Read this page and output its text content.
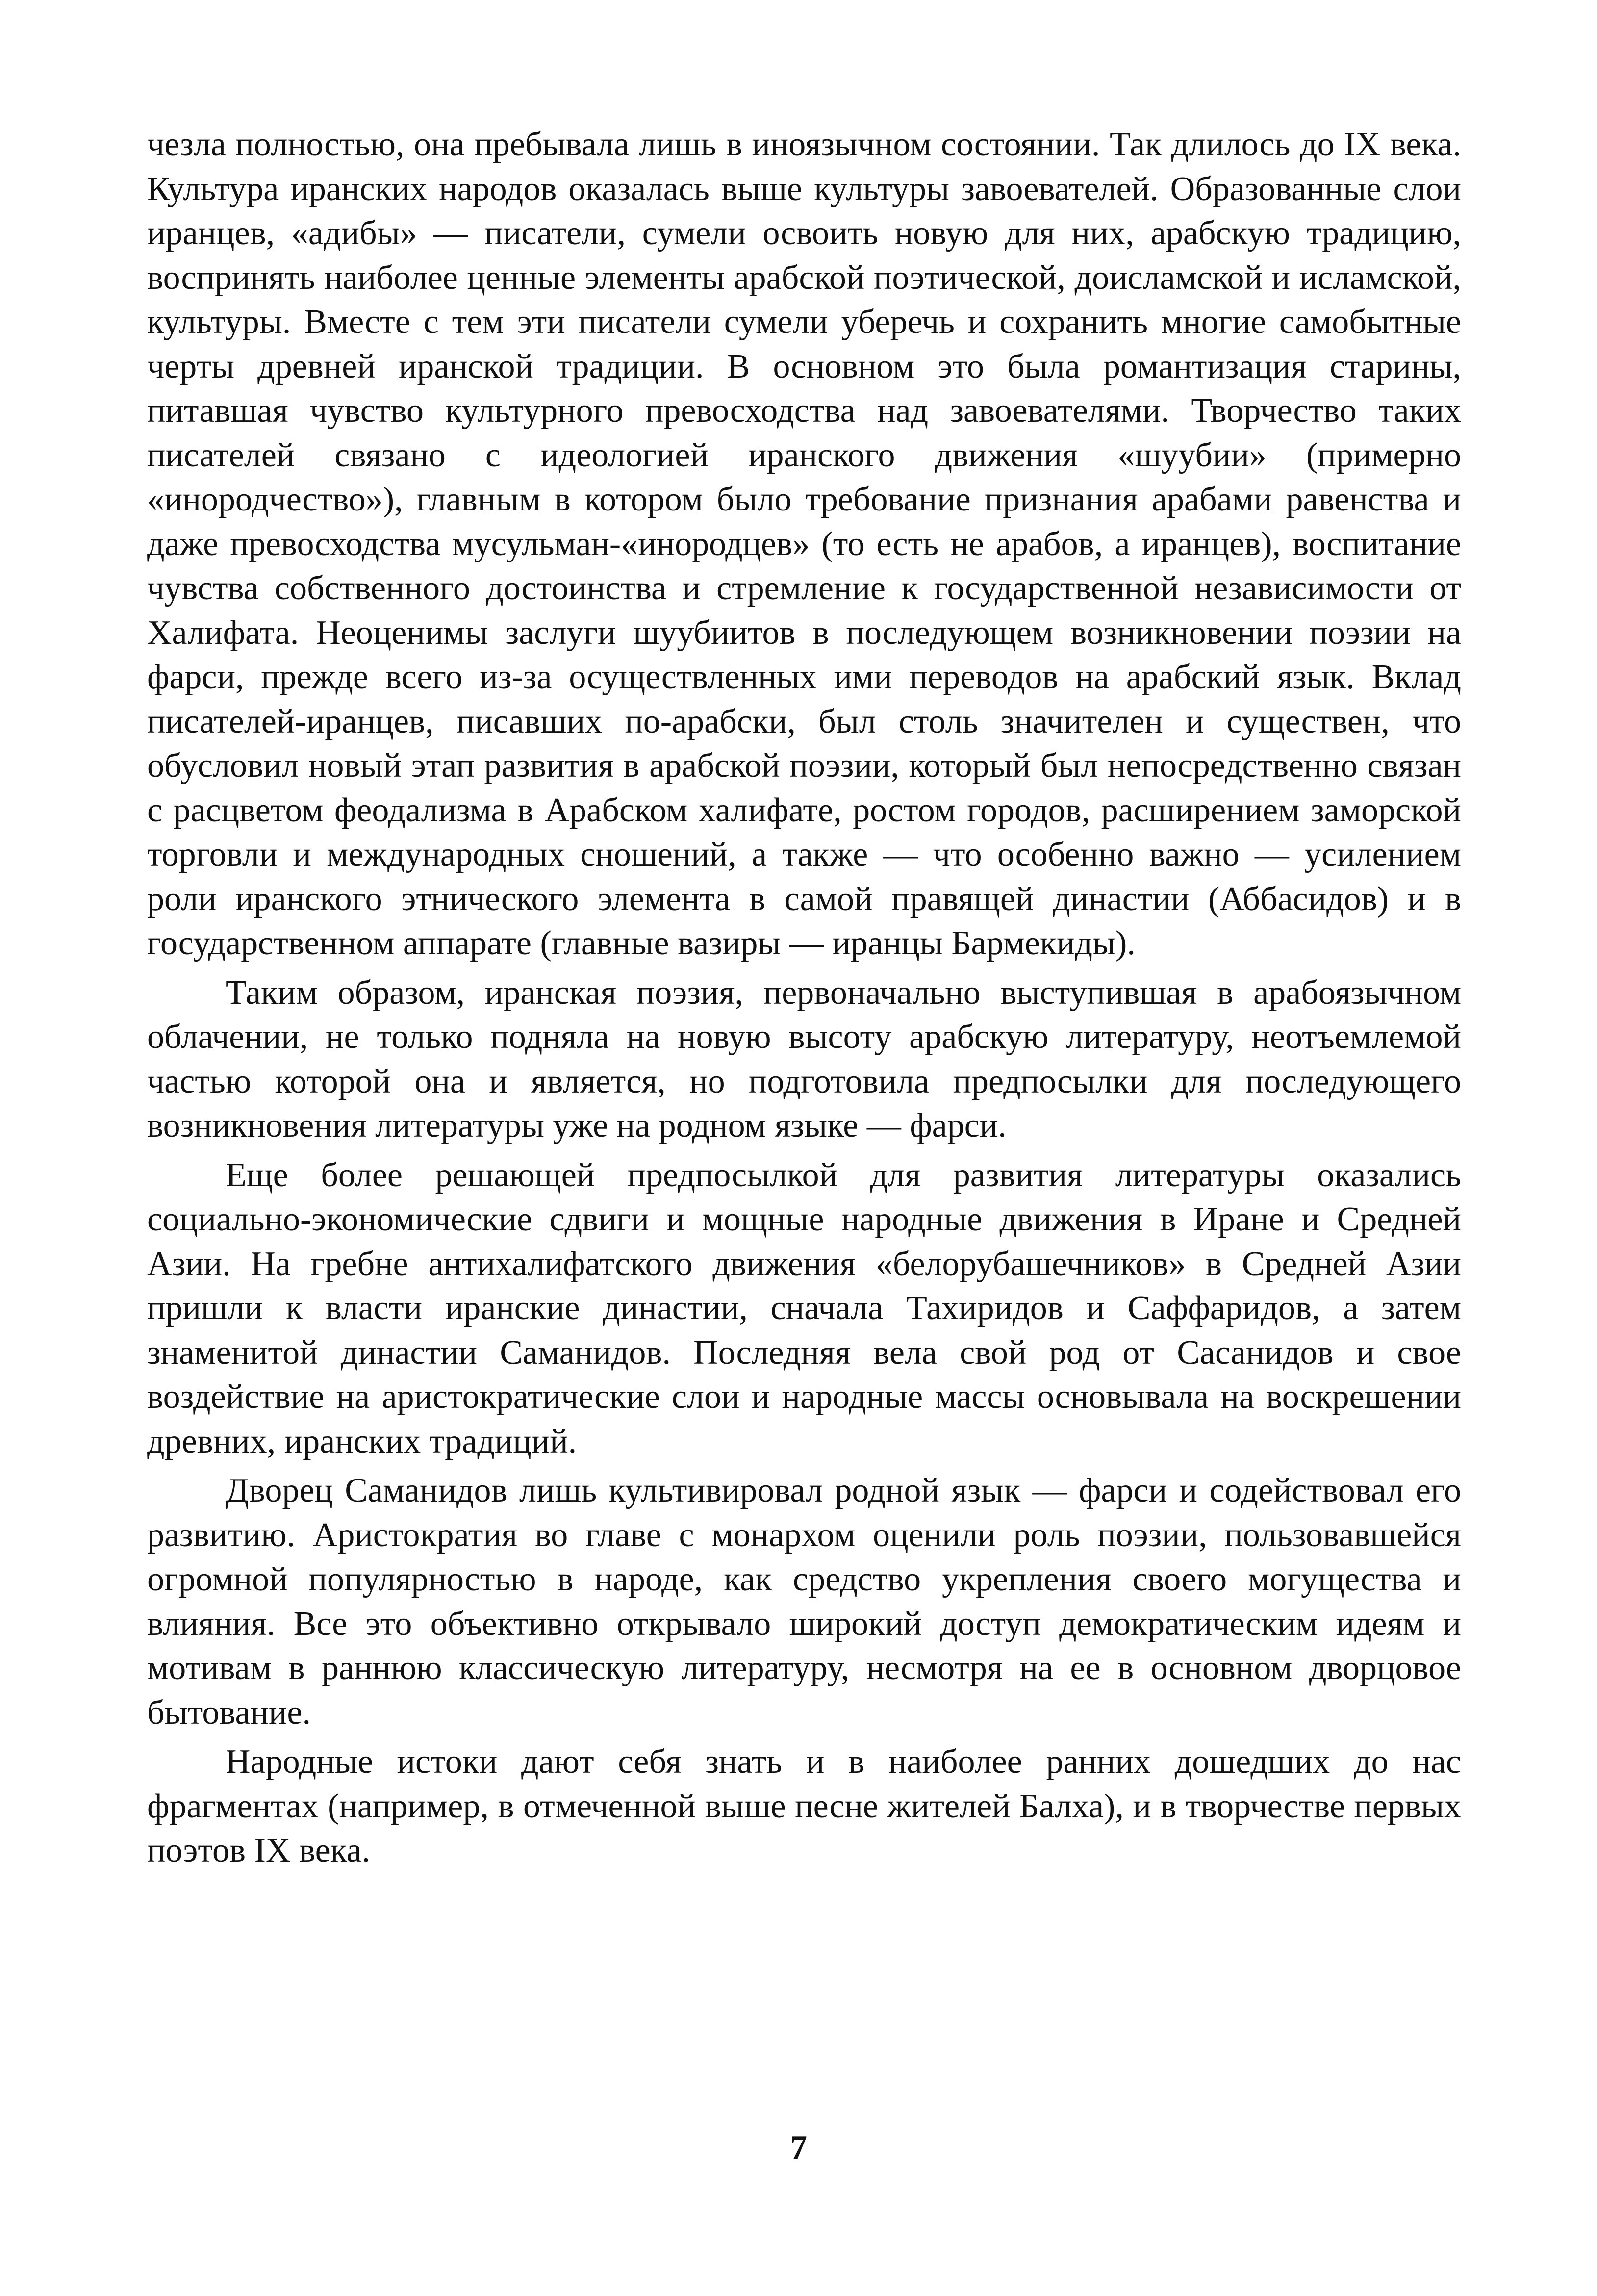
чезла полностью, она пребывала лишь в иноязычном состоянии. Так длилось до IX века. Культура иранских народов оказалась выше культуры завоевателей. Образованные слои иранцев, «адибы» — писатели, сумели освоить новую для них, арабскую традицию, воспринять наиболее ценные элементы арабской поэтической, доисламской и исламской, культуры. Вместе с тем эти писатели сумели уберечь и сохранить многие самобытные черты древней иранской традиции. В основном это была романтизация старины, питавшая чувство культурного превосходства над завоевателями. Творчество таких писателей связано с идеологией иранского движения «шуубии» (примерно «инородчество»), главным в котором было требование признания арабами равенства и даже превосходства мусульман-«инородцев» (то есть не арабов, а иранцев), воспитание чувства собственного достоинства и стремление к государственной независимости от Халифата. Неоценимы заслуги шуубиитов в последующем возникновении поэзии на фарси, прежде всего из-за осуществленных ими переводов на арабский язык. Вклад писателей-иранцев, писавших по-арабски, был столь значителен и существен, что обусловил новый этап развития в арабской поэзии, который был непосредственно связан с расцветом феодализма в Арабском халифате, ростом городов, расширением заморской торговли и международных сношений, а также — что особенно важно — усилением роли иранского этнического элемента в самой правящей династии (Аббасидов) и в государственном аппарате (главные вазиры — иранцы Бармекиды).

Таким образом, иранская поэзия, первоначально выступившая в арабоязычном облачении, не только подняла на новую высоту арабскую литературу, неотъемлемой частью которой она и является, но подготовила предпосылки для последующего возникновения литературы уже на родном языке — фарси.

Еще более решающей предпосылкой для развития литературы оказались социально-экономические сдвиги и мощные народные движения в Иране и Средней Азии. На гребне антихалифатского движения «белорубашечников» в Средней Азии пришли к власти иранские династии, сначала Тахиридов и Саффаридов, а затем знаменитой династии Саманидов. Последняя вела свой род от Сасанидов и свое воздействие на аристократические слои и народные массы основывала на воскрешении древних, иранских традиций.

Дворец Саманидов лишь культивировал родной язык — фарси и содействовал его развитию. Аристократия во главе с монархом оценили роль поэзии, пользовавшейся огромной популярностью в народе, как средство укрепления своего могущества и влияния. Все это объективно открывало широкий доступ демократическим идеям и мотивам в раннюю классическую литературу, несмотря на ее в основном дворцовое бытование.

Народные истоки дают себя знать и в наиболее ранних дошедших до нас фрагментах (например, в отмеченной выше песне жителей Балха), и в творчестве первых поэтов IX века.

7
